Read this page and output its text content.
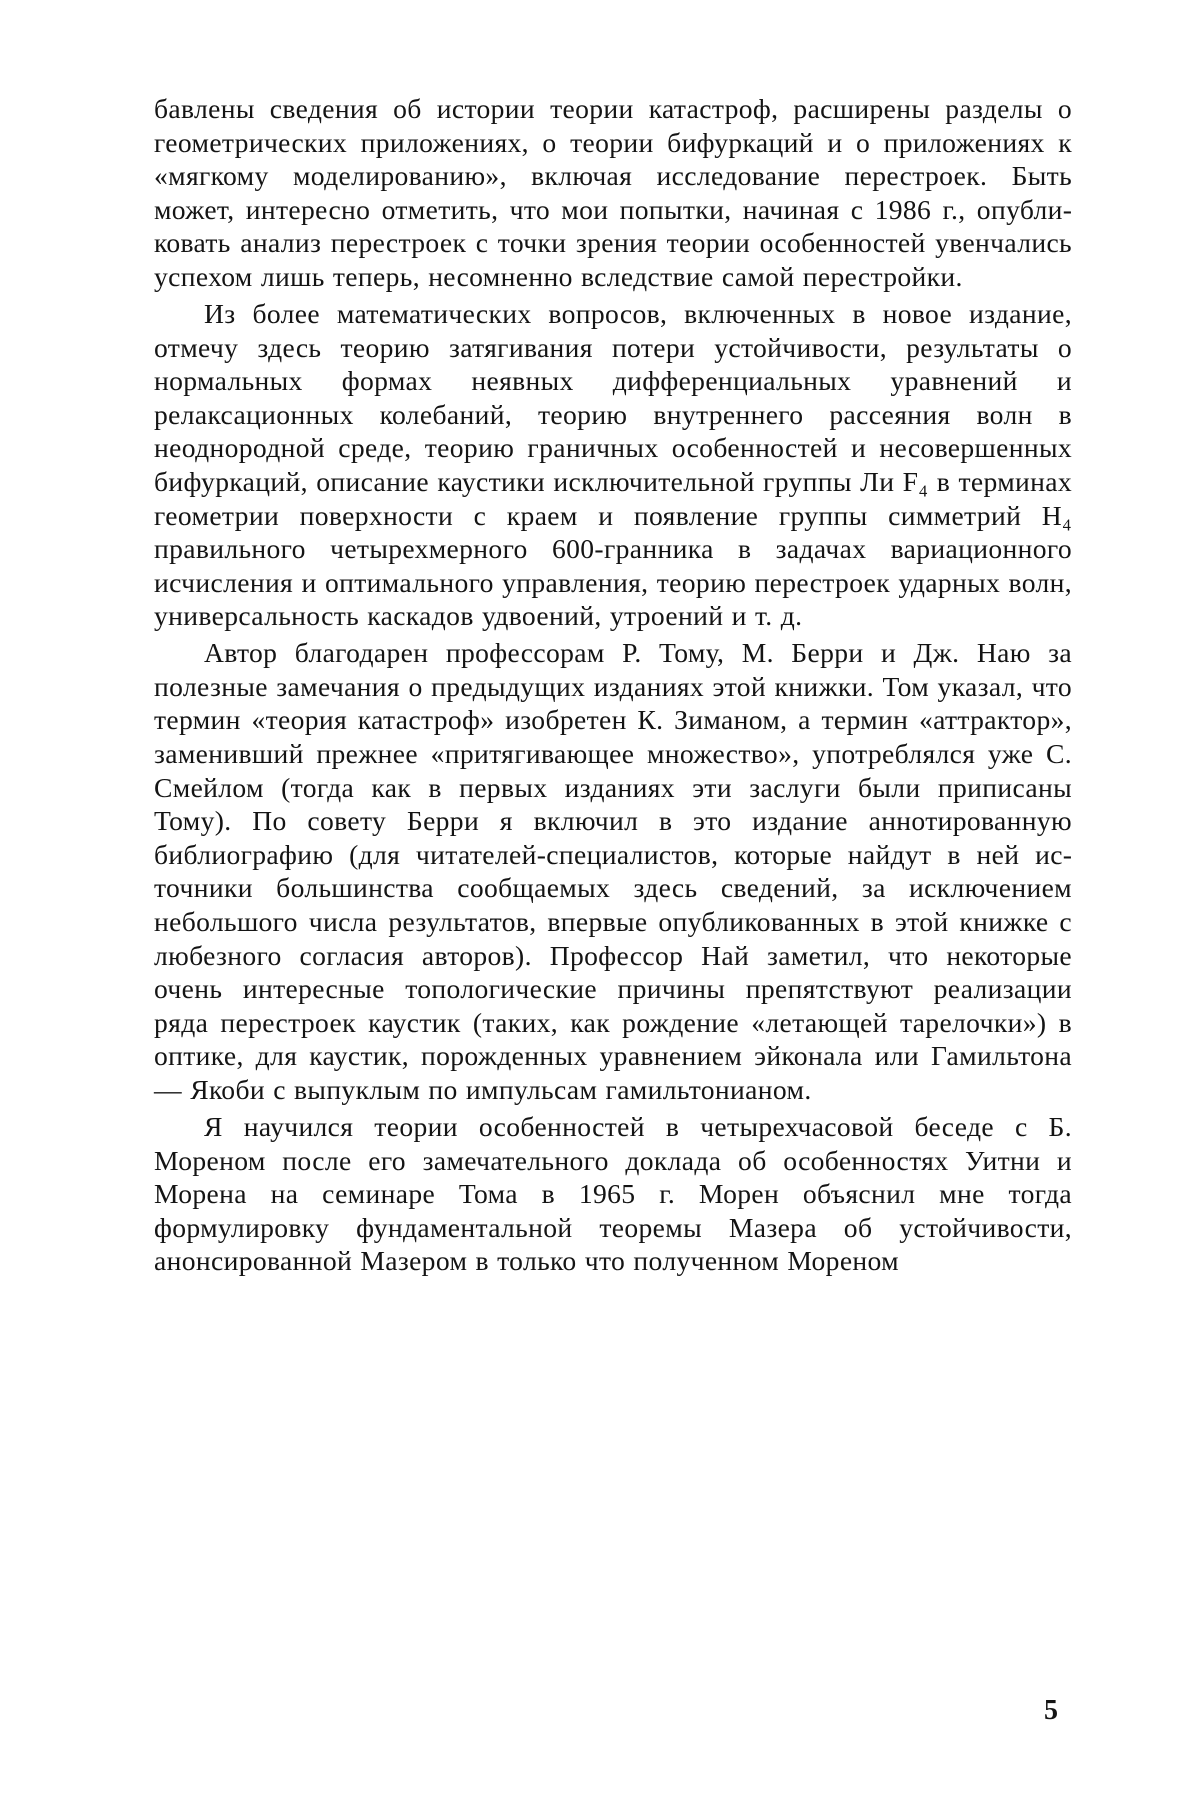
бавлены сведения об истории теории катастроф, расширены разделы о геометрических приложениях, о теории бифуркаций и о приложениях к «мягкому моделированию», включая исследование перестроек. Быть может, интересно отметить, что мои попытки, начиная с 1986 г., опубликовать анализ перестроек с точки зрения теории особенностей увенчались успехом лишь теперь, несомненно вследствие самой перестройки.

Из более математических вопросов, включенных в новое издание, отмечу здесь теорию затягивания потери устойчивости, результаты о нормальных формах неявных дифференциальных уравнений и релаксационных колебаний, теорию внутреннего рассеяния волн в неоднородной среде, теорию граничных особенностей и несовершенных бифуркаций, описание каустики исключительной группы Ли F₄ в терминах геометрии поверхности с краем и появление группы симметрий H₄ правильного четырехмерного 600-гранника в задачах вариационного исчисления и оптимального управления, теорию перестроек ударных волн, универсальность каскадов удвоений, утроений и т. д.

Автор благодарен профессорам Р. Тому, М. Берри и Дж. Наю за полезные замечания о предыдущих изданиях этой книжки. Том указал, что термин «теория катастроф» изобретен К. Зиманом, а термин «аттрактор», заменивший прежнее «притягивающее множество», употреблялся уже С. Смейлом (тогда как в первых изданиях эти заслуги были приписаны Тому). По совету Берри я включил в это издание аннотированную библиографию (для читателей-специалистов, которые найдут в ней источники большинства сообщаемых здесь сведений, за исключением небольшого числа результатов, впервые опубликованных в этой книжке с любезного согласия авторов). Профессор Най заметил, что некоторые очень интересные топологические причины препятствуют реализации ряда перестроек каустик (таких, как рождение «летающей тарелочки») в оптике, для каустик, порожденных уравнением эйконала или Гамильтона — Якоби с выпуклым по импульсам гамильтонианом.

Я научился теории особенностей в четырехчасовой беседе с Б. Мореном после его замечательного доклада об особенностях Уитни и Морена на семинаре Тома в 1965 г. Морен объяснил мне тогда формулировку фундаментальной теоремы Мазера об устойчивости, анонсированной Мазером в только что полученном Мореном

5
